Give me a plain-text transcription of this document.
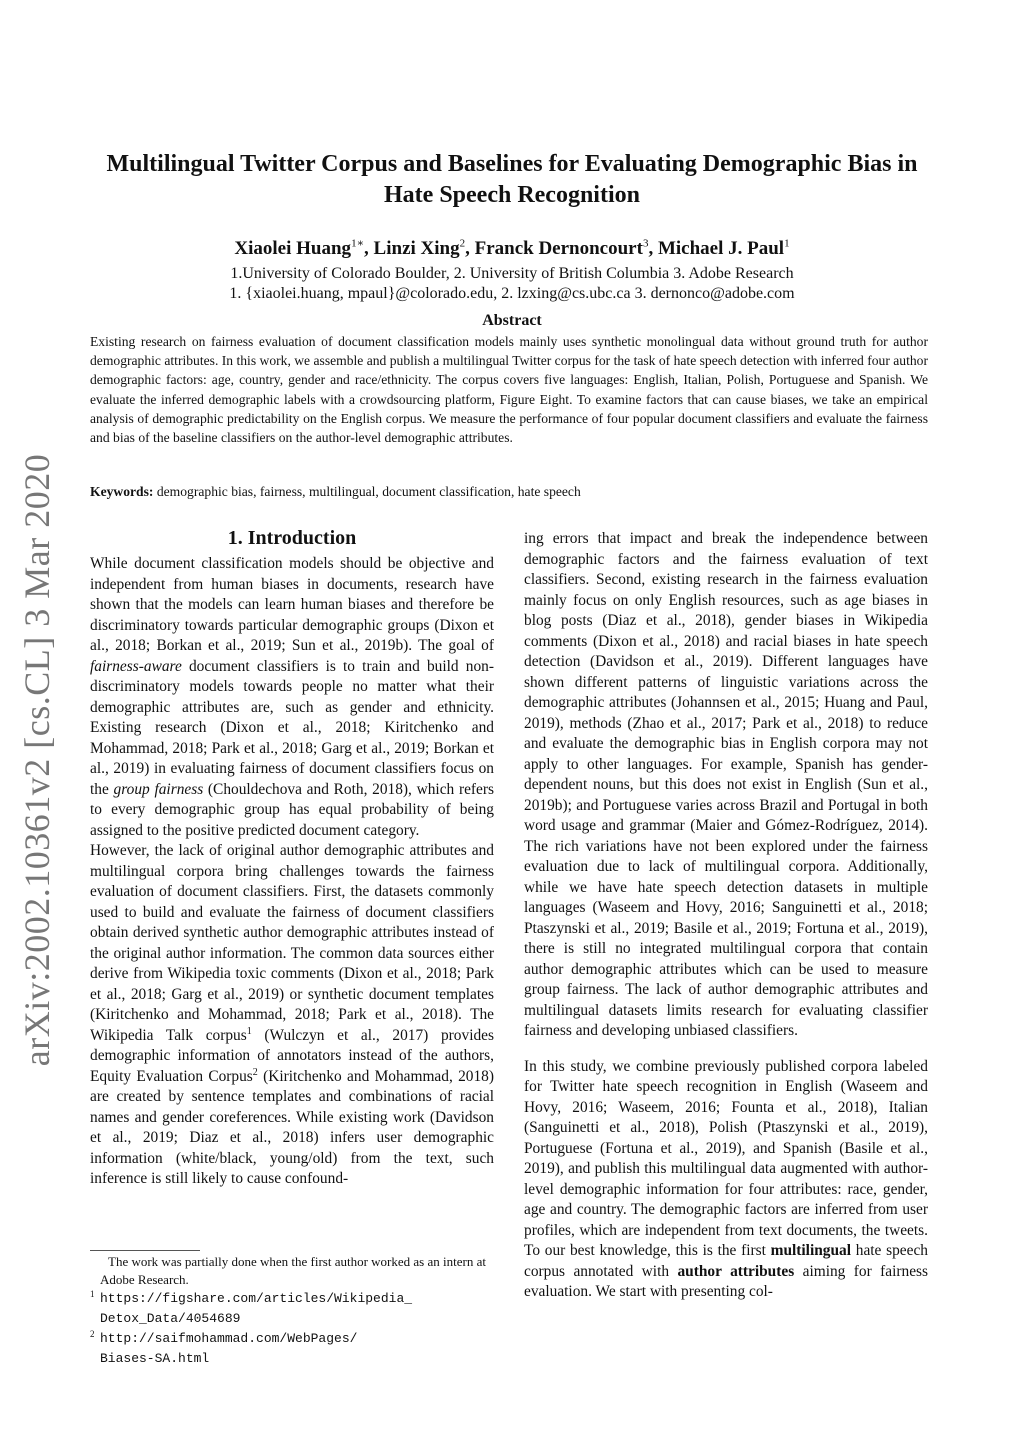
arXiv:2002.10361v2 [cs.CL] 3 Mar 2020
Multilingual Twitter Corpus and Baselines for Evaluating Demographic Bias in Hate Speech Recognition
Xiaolei Huang$^{1∗}$, Linzi Xing$^2$, Franck Dernoncourt$^3$, Michael J. Paul$^1$
1.University of Colorado Boulder, 2. University of British Columbia 3. Adobe Research
1. {xiaolei.huang, mpaul}@colorado.edu, 2. lzxing@cs.ubc.ca 3. dernonco@adobe.com
Abstract
Existing research on fairness evaluation of document classification models mainly uses synthetic monolingual data without ground truth for author demographic attributes. In this work, we assemble and publish a multilingual Twitter corpus for the task of hate speech detection with inferred four author demographic factors: age, country, gender and race/ethnicity. The corpus covers five languages: English, Italian, Polish, Portuguese and Spanish. We evaluate the inferred demographic labels with a crowdsourcing platform, Figure Eight. To examine factors that can cause biases, we take an empirical analysis of demographic predictability on the English corpus. We measure the performance of four popular document classifiers and evaluate the fairness and bias of the baseline classifiers on the author-level demographic attributes.
Keywords: demographic bias, fairness, multilingual, document classification, hate speech
1. Introduction

While document classification models should be objective and independent from human biases in documents, research have shown that the models can learn human biases and therefore be discriminatory towards particular demographic groups (Dixon et al., 2018; Borkan et al., 2019; Sun et al., 2019b). The goal of fairness-aware document classifiers is to train and build non-discriminatory models towards people no matter what their demographic attributes are, such as gender and ethnicity. Existing research (Dixon et al., 2018; Kiritchenko and Mohammad, 2018; Park et al., 2018; Garg et al., 2019; Borkan et al., 2019) in evaluating fairness of document classifiers focus on the group fairness (Chouldechova and Roth, 2018), which refers to every demographic group has equal probability of being assigned to the positive predicted document category.

However, the lack of original author demographic attributes and multilingual corpora bring challenges towards the fairness evaluation of document classifiers. First, the datasets commonly used to build and evaluate the fairness of document classifiers obtain derived synthetic author demographic attributes instead of the original author information. The common data sources either derive from Wikipedia toxic comments (Dixon et al., 2018; Park et al., 2018; Garg et al., 2019) or synthetic document templates (Kiritchenko and Mohammad, 2018; Park et al., 2018). The Wikipedia Talk corpus$^1$ (Wulczyn et al., 2017) provides demographic information of annotators instead of the authors, Equity Evaluation Corpus$^2$ (Kiritchenko and Mohammad, 2018) are created by sentence templates and combinations of racial names and gender coreferences. While existing work (Davidson et al., 2019; Diaz et al., 2018) infers user demographic information (white/black, young/old) from the text, such inference is still likely to cause confound-

ing errors that impact and break the independence between demographic factors and the fairness evaluation of text classifiers. Second, existing research in the fairness evaluation mainly focus on only English resources, such as age biases in blog posts (Diaz et al., 2018), gender biases in Wikipedia comments (Dixon et al., 2018) and racial biases in hate speech detection (Davidson et al., 2019). Different languages have shown different patterns of linguistic variations across the demographic attributes (Johannsen et al., 2015; Huang and Paul, 2019), methods (Zhao et al., 2017; Park et al., 2018) to reduce and evaluate the demographic bias in English corpora may not apply to other languages. For example, Spanish has gender-dependent nouns, but this does not exist in English (Sun et al., 2019b); and Portuguese varies across Brazil and Portugal in both word usage and grammar (Maier and Gómez-Rodríguez, 2014). The rich variations have not been explored under the fairness evaluation due to lack of multilingual corpora. Additionally, while we have hate speech detection datasets in multiple languages (Waseem and Hovy, 2016; Sanguinetti et al., 2018; Ptaszynski et al., 2019; Basile et al., 2019; Fortuna et al., 2019), there is still no integrated multilingual corpora that contain author demographic attributes which can be used to measure group fairness. The lack of author demographic attributes and multilingual datasets limits research for evaluating classifier fairness and developing unbiased classifiers.

In this study, we combine previously published corpora labeled for Twitter hate speech recognition in English (Waseem and Hovy, 2016; Waseem, 2016; Founta et al., 2018), Italian (Sanguinetti et al., 2018), Polish (Ptaszynski et al., 2019), Portuguese (Fortuna et al., 2019), and Spanish (Basile et al., 2019), and publish this multilingual data augmented with author-level demographic information for four attributes: race, gender, age and country. The demographic factors are inferred from user profiles, which are independent from text documents, the tweets. To our best knowledge, this is the first multilingual hate speech corpus annotated with author attributes aiming for fairness evaluation. We start with presenting col-

The work was partially done when the first author worked as an intern at Adobe Research.

1 https://figshare.com/articles/Wikipedia_
Detox_Data/4054689

2 http://saifmohammad.com/WebPages/
Biases-SA.html
